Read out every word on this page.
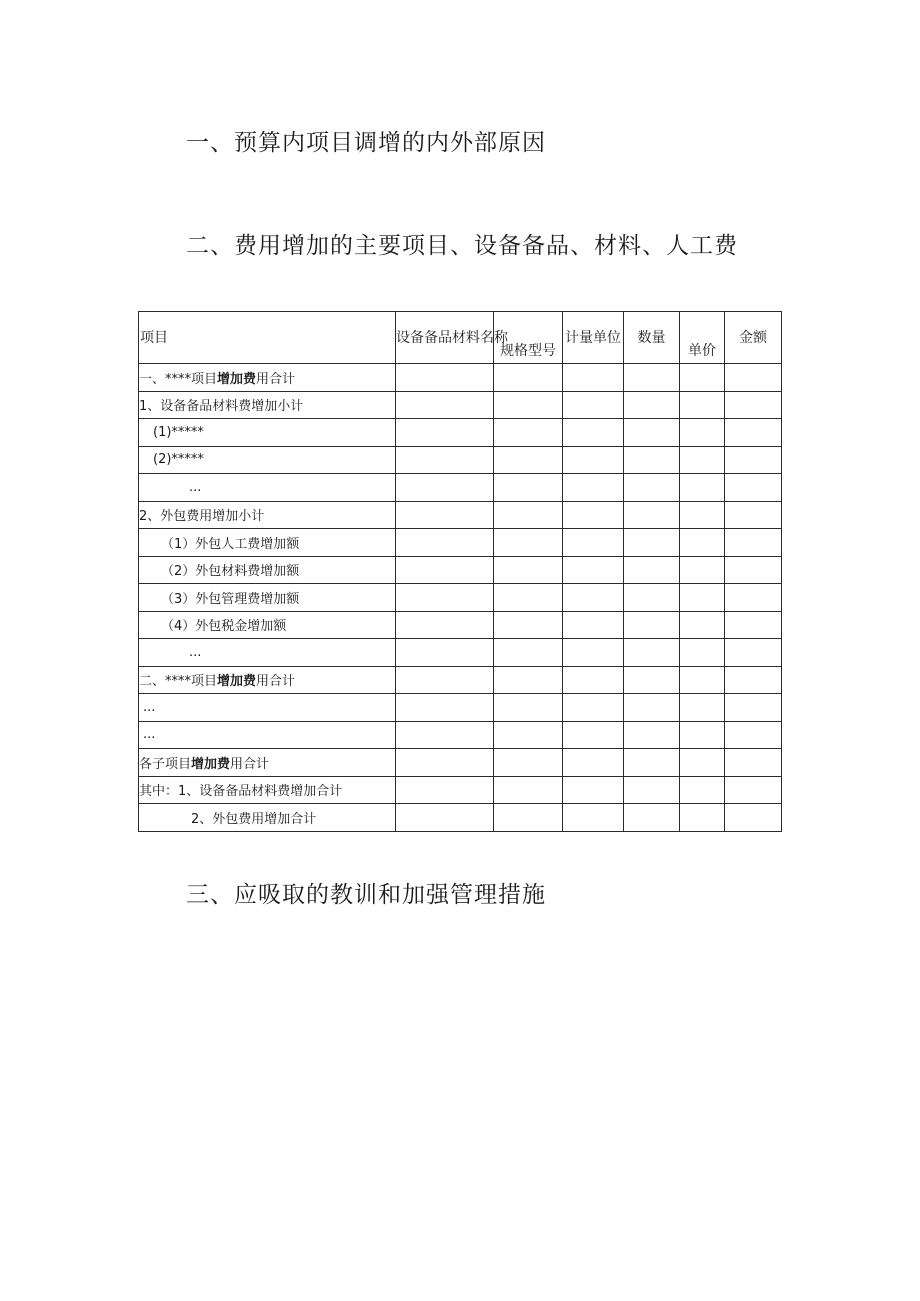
一、预算内项目调增的内外部原因
二、费用增加的主要项目、设备备品、材料、人工费
项目	设备备品材料名称	规格型号	计量单位	数量	单价	金额
一、****项目增加费用合计						
1、设备备品材料费增加小计						
(1)*****						
(2)*****						
...						
2、外包费用增加小计						
（1）外包人工费增加额						
（2）外包材料费增加额						
（3）外包管理费增加额						
（4）外包税金增加额						
...						
二、****项目增加费用合计						
...						
...						
各子项目增加费用合计						
其中：1、设备备品材料费增加合计						
2、外包费用增加合计						
三、应吸取的教训和加强管理措施
